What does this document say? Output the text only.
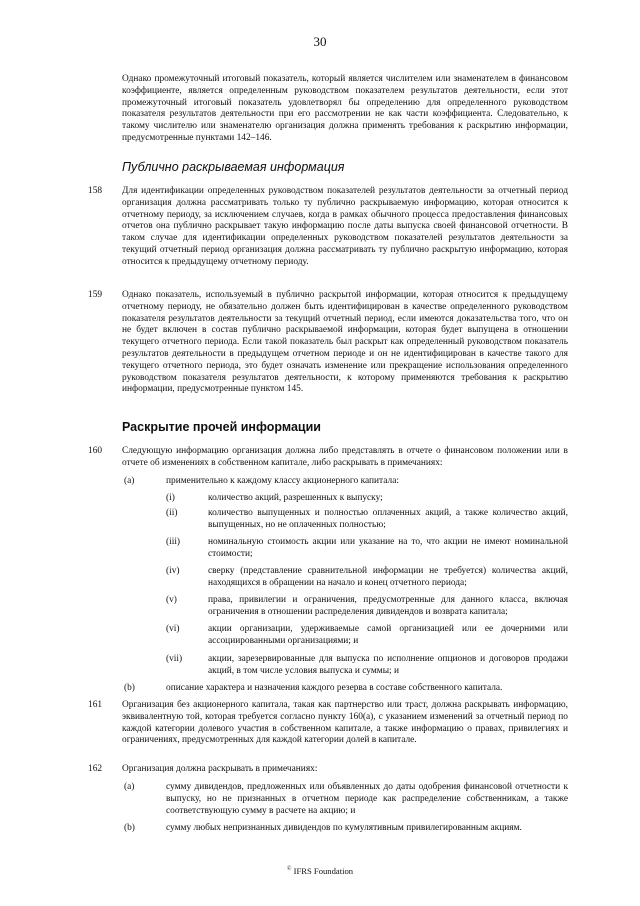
30

Однако промежуточный итоговый показатель, который является числителем или знаменателем в финансовом коэффициенте, является определенным руководством показателем результатов деятельности, если этот промежуточный итоговый показатель удовлетворял бы определению для определенного руководством показателя результатов деятельности при его рассмотрении не как части коэффициента. Следовательно, к такому числителю или знаменателю организация должна применять требования к раскрытию информации, предусмотренные пунктами 142–146.

Публично раскрываемая информация
158 Для идентификации определенных руководством показателей результатов деятельности за отчетный период организация должна рассматривать только ту публично раскрываемую информацию, которая относится к отчетному периоду, за исключением случаев, когда в рамках обычного процесса предоставления финансовых отчетов она публично раскрывает такую информацию после даты выпуска своей финансовой отчетности. В таком случае для идентификации определенных руководством показателей результатов деятельности за текущий отчетный период организация должна рассматривать ту публично раскрытую информацию, которая относится к предыдущему отчетному периоду.

159 Однако показатель, используемый в публично раскрытой информации, которая относится к предыдущему отчетному периоду, не обязательно должен быть идентифицирован в качестве определенного руководством показателя результатов деятельности за текущий отчетный период, если имеются доказательства того, что он не будет включен в состав публично раскрываемой информации, которая будет выпущена в отношении текущего отчетного периода. Если такой показатель был раскрыт как определенный руководством показатель результатов деятельности в предыдущем отчетном периоде и он не идентифицирован в качестве такого для текущего отчетного периода, это будет означать изменение или прекращение использования определенного руководством показателя результатов деятельности, к которому применяются требования к раскрытию информации, предусмотренные пунктом 145.

Раскрытие прочей информации
160 Следующую информацию организация должна либо представлять в отчете о финансовом положении или в отчете об изменениях в собственном капитале, либо раскрывать в примечаниях:

(a)	применительно к каждому классу акционерного капитала:

(i)	количество акций, разрешенных к выпуску;

(ii)	количество выпущенных и полностью оплаченных акций, а также количество акций, выпущенных, но не оплаченных полностью;

(iii)	номинальную стоимость акции или указание на то, что акции не имеют номинальной стоимости;

(iv)	сверку (представление сравнительной информации не требуется) количества акций, находящихся в обращении на начало и конец отчетного периода;

(v)	права, привилегии и ограничения, предусмотренные для данного класса, включая ограничения в отношении распределения дивидендов и возврата капитала;

(vi)	акции организации, удерживаемые самой организацией или ее дочерними или ассоциированными организациями; и

(vii)	акции, зарезервированные для выпуска по исполнение опционов и договоров продажи акций, в том числе условия выпуска и суммы; и

(b)	описание характера и назначения каждого резерва в составе собственного капитала.

161 Организация без акционерного капитала, такая как партнерство или траст, должна раскрывать информацию, эквивалентную той, которая требуется согласно пункту 160(a), с указанием изменений за отчетный период по каждой категории долевого участия в собственном капитале, а также информацию о правах, привилегиях и ограничениях, предусмотренных для каждой категории долей в капитале.

162 Организация должна раскрывать в примечаниях:

(a)	сумму дивидендов, предложенных или объявленных до даты одобрения финансовой отчетности к выпуску, но не признанных в отчетном периоде как распределение собственникам, а также соответствующую сумму в расчете на акцию; и

(b)	сумму любых непризнанных дивидендов по кумулятивным привилегированным акциям.

© IFRS Foundation
